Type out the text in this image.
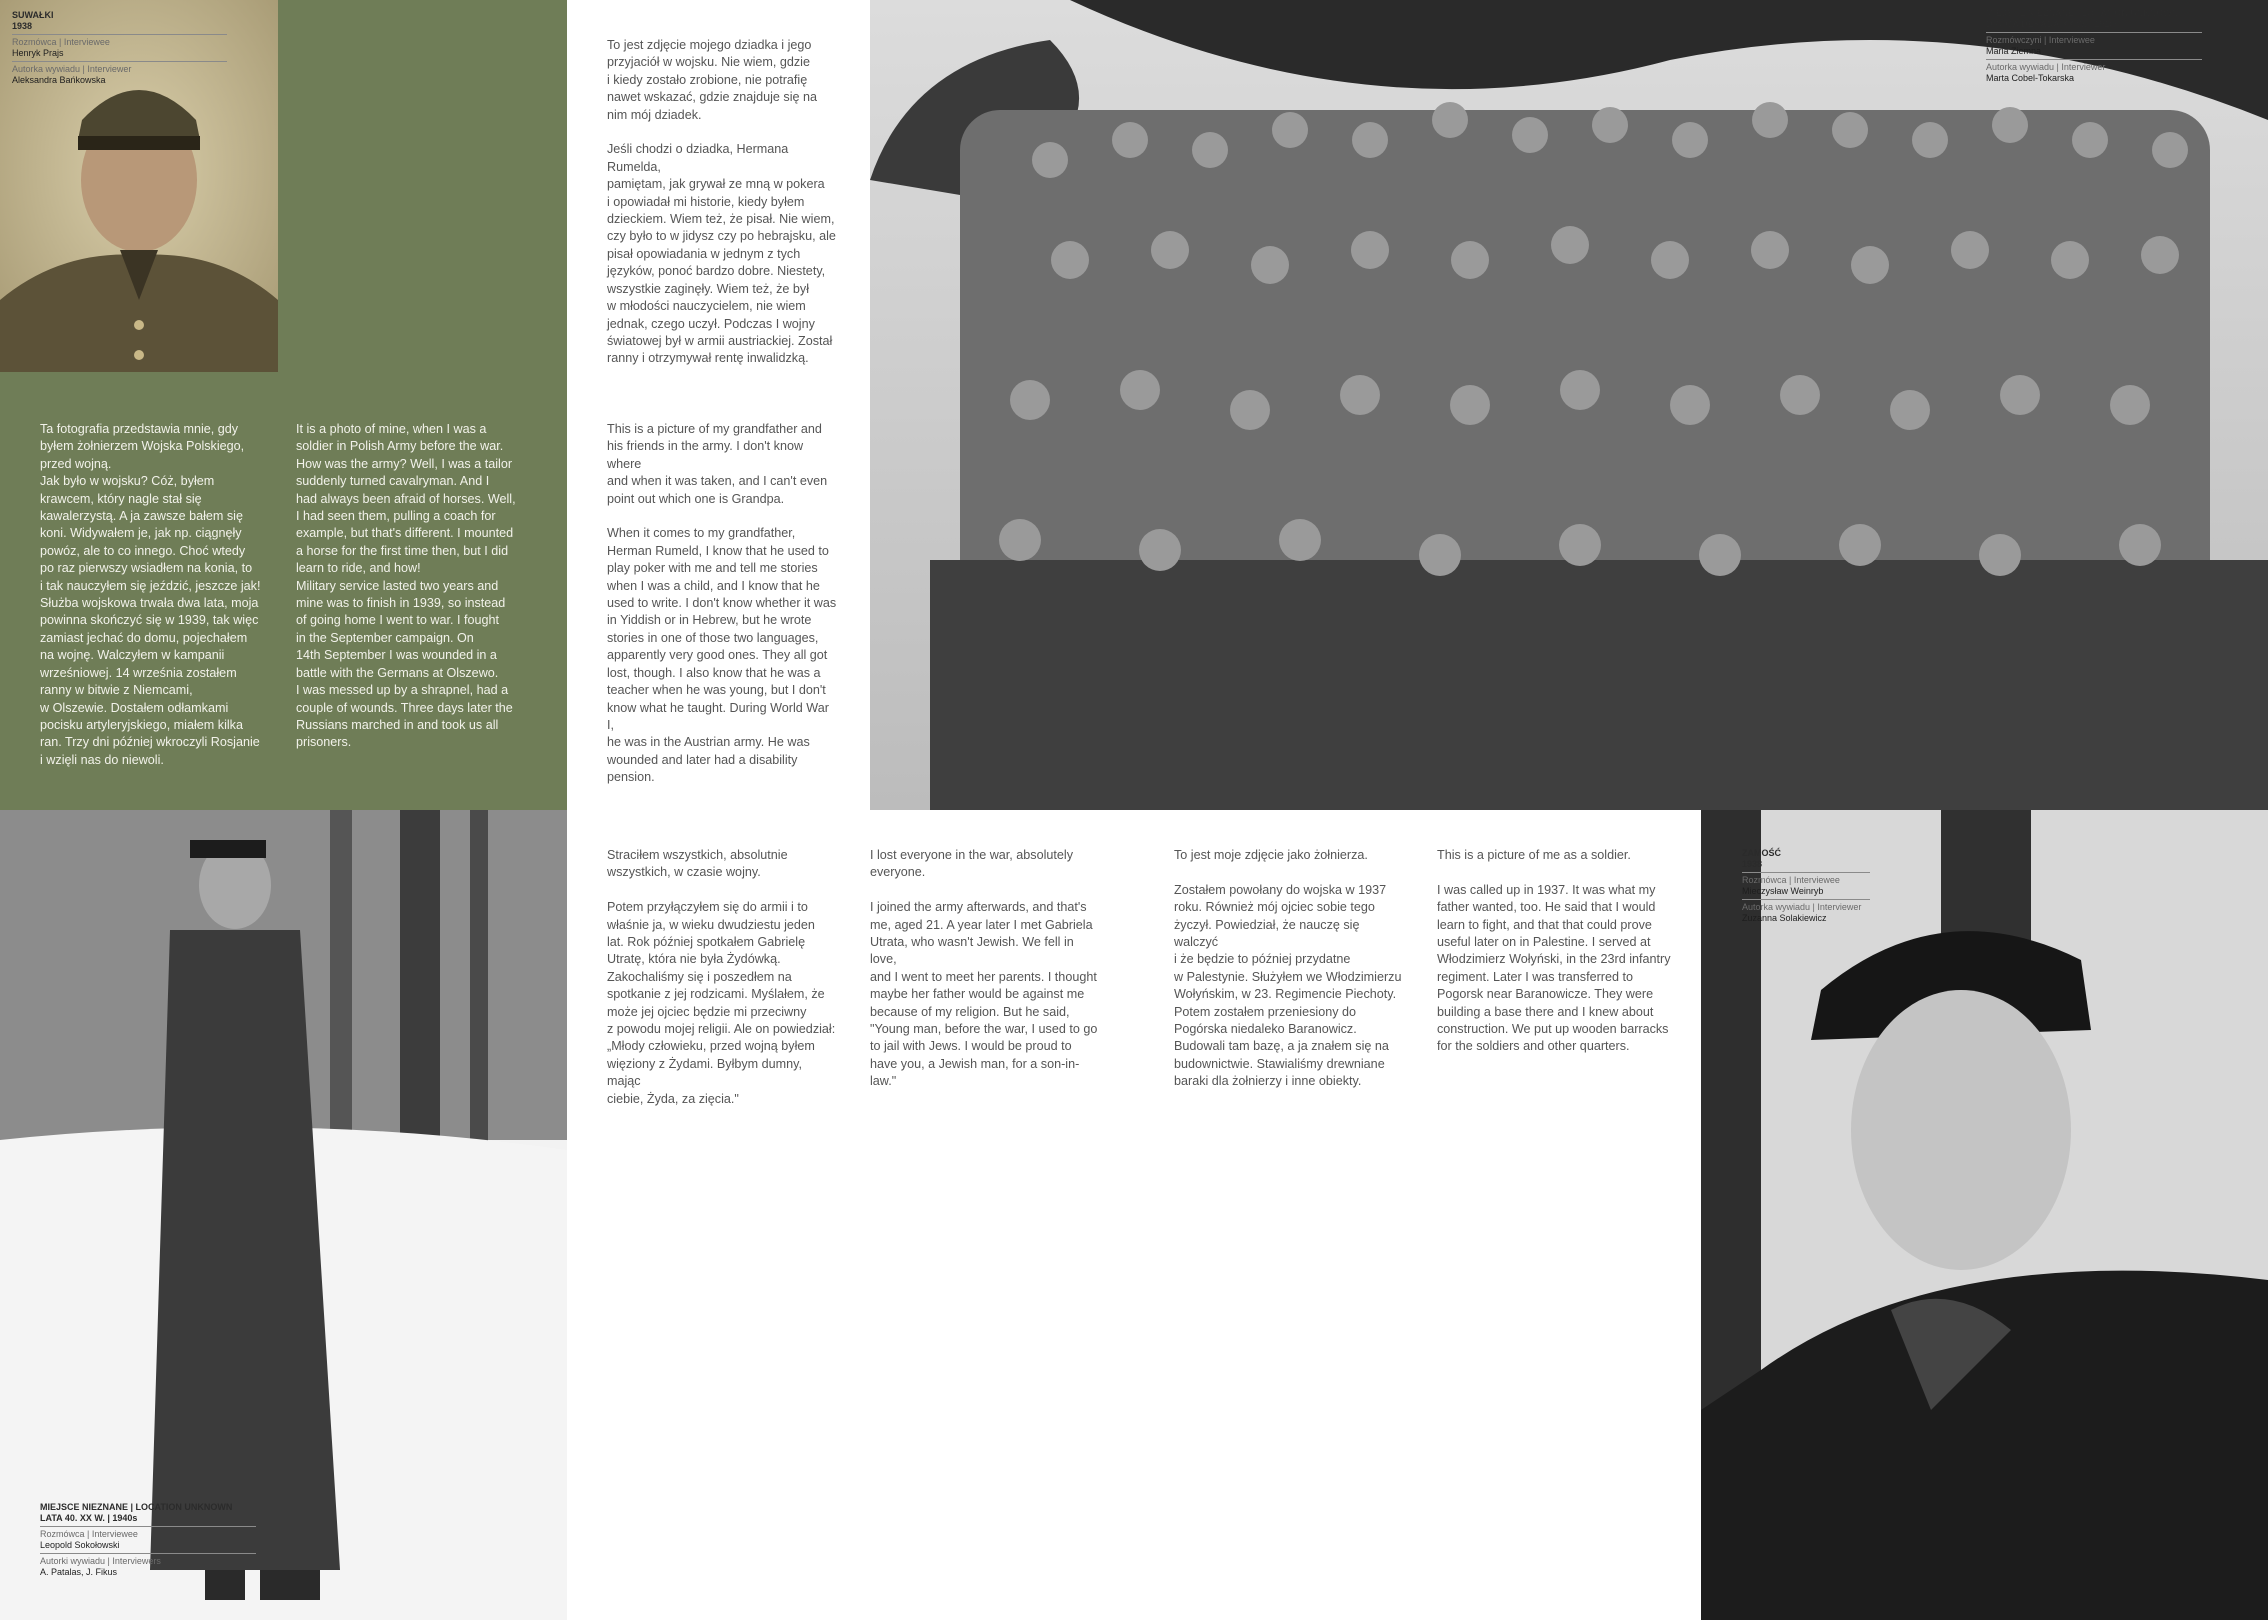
SUWAŁKI
1938
Rozmówca | Interviewee
Henryk Prajs
Autorka wywiadu | Interviewer
Aleksandra Bańkowska
MIEJSCE NIEZNANE | LOCATION UNKNOWN
DRUGA DEKADA XX W. | 1910s
Rozmówczyni | Interviewee
Maria Ziemna
Autorka wywiadu | Interviewer
Marta Cobel-Tokarska
MIEJSCE NIEZNANE | LOCATION UNKNOWN
LATA 40. XX W. | 1940s
Rozmówca | Interviewee
Leopold Sokołowski
Autorki wywiadu | Interviewers
A. Patalas, J. Fikus
ZAMOŚĆ
1938
Rozmówca | Interviewee
Mieczysław Weinryb
Autorka wywiadu | Interviewer
Zuzanna Solakiewicz
Ta fotografia przedstawia mnie, gdy
byłem żołnierzem Wojska Polskiego,
przed wojną.
Jak było w wojsku? Cóż, byłem
krawcem, który nagle stał się
kawalerzystą. A ja zawsze bałem się
koni. Widywałem je, jak np. ciągnęły
powóz, ale to co innego. Choć wtedy
po raz pierwszy wsiadłem na konia, to
i tak nauczyłem się jeździć, jeszcze jak!
Służba wojskowa trwała dwa lata, moja
powinna skończyć się w 1939, tak więc
zamiast jechać do domu, pojechałem
na wojnę. Walczyłem w kampanii
wrześniowej. 14 września zostałem
ranny w bitwie z Niemcami,
w Olszewie. Dostałem odłamkami
pocisku artyleryjskiego, miałem kilka
ran. Trzy dni później wkroczyli Rosjanie
i wzięli nas do niewoli.
It is a photo of mine, when I was a
soldier in Polish Army before the war.
How was the army? Well, I was a tailor
suddenly turned cavalryman. And I
had always been afraid of horses. Well,
I had seen them, pulling a coach for
example, but that's different. I mounted
a horse for the first time then, but I did
learn to ride, and how!
Military service lasted two years and
mine was to finish in 1939, so instead
of going home I went to war. I fought
in the September campaign. On
14th September I was wounded in a
battle with the Germans at Olszewo.
I was messed up by a shrapnel, had a
couple of wounds. Three days later the
Russians marched in and took us all
prisoners.
To jest zdjęcie mojego dziadka i jego
przyjaciół w wojsku. Nie wiem, gdzie
i kiedy zostało zrobione, nie potrafię
nawet wskazać, gdzie znajduje się na
nim mój dziadek.

Jeśli chodzi o dziadka, Hermana Rumelda,
pamiętam, jak grywał ze mną w pokera
i opowiadał mi historie, kiedy byłem
dzieckiem. Wiem też, że pisał. Nie wiem,
czy było to w jidysz czy po hebrajsku, ale
pisał opowiadania w jednym z tych
języków, ponoć bardzo dobre. Niestety,
wszystkie zaginęły. Wiem też, że był
w młodości nauczycielem, nie wiem
jednak, czego uczył. Podczas I wojny
światowej był w armii austriackiej. Został
ranny i otrzymywał rentę inwalidzką.
This is a picture of my grandfather and
his friends in the army. I don't know where
and when it was taken, and I can't even
point out which one is Grandpa.

When it comes to my grandfather,
Herman Rumeld, I know that he used to
play poker with me and tell me stories
when I was a child, and I know that he
used to write. I don't know whether it was
in Yiddish or in Hebrew, but he wrote
stories in one of those two languages,
apparently very good ones. They all got
lost, though. I also know that he was a
teacher when he was young, but I don't
know what he taught. During World War I,
he was in the Austrian army. He was
wounded and later had a disability
pension.
Straciłem wszystkich, absolutnie
wszystkich, w czasie wojny.

Potem przyłączyłem się do armii i to
właśnie ja, w wieku dwudziestu jeden
lat. Rok później spotkałem Gabrielę
Utratę, która nie była Żydówką.
Zakochaliśmy się i poszedłem na
spotkanie z jej rodzicami. Myślałem, że
może jej ojciec będzie mi przeciwny
z powodu mojej religii. Ale on powiedział:
„Młody człowieku, przed wojną byłem
więziony z Żydami. Byłbym dumny, mając
ciebie, Żyda, za zięcia."
I lost everyone in the war, absolutely
everyone.

I joined the army afterwards, and that's
me, aged 21. A year later I met Gabriela
Utrata, who wasn't Jewish. We fell in love,
and I went to meet her parents. I thought
maybe her father would be against me
because of my religion. But he said,
"Young man, before the war, I used to go
to jail with Jews. I would be proud to
have you, a Jewish man, for a son-in-law."
To jest moje zdjęcie jako żołnierza.

Zostałem powołany do wojska w 1937
roku. Również mój ojciec sobie tego
życzył. Powiedział, że nauczę się walczyć
i że będzie to później przydatne
w Palestynie. Służyłem we Włodzimierzu
Wołyńskim, w 23. Regimencie Piechoty.
Potem zostałem przeniesiony do
Pogórska niedaleko Baranowicz.
Budowali tam bazę, a ja znałem się na
budownictwie. Stawialiśmy drewniane
baraki dla żołnierzy i inne obiekty.
This is a picture of me as a soldier.

I was called up in 1937. It was what my
father wanted, too. He said that I would
learn to fight, and that that could prove
useful later on in Palestine. I served at
Włodzimierz Wołyński, in the 23rd infantry
regiment. Later I was transferred to
Pogorsk near Baranowicze. They were
building a base there and I knew about
construction. We put up wooden barracks
for the soldiers and other quarters.
